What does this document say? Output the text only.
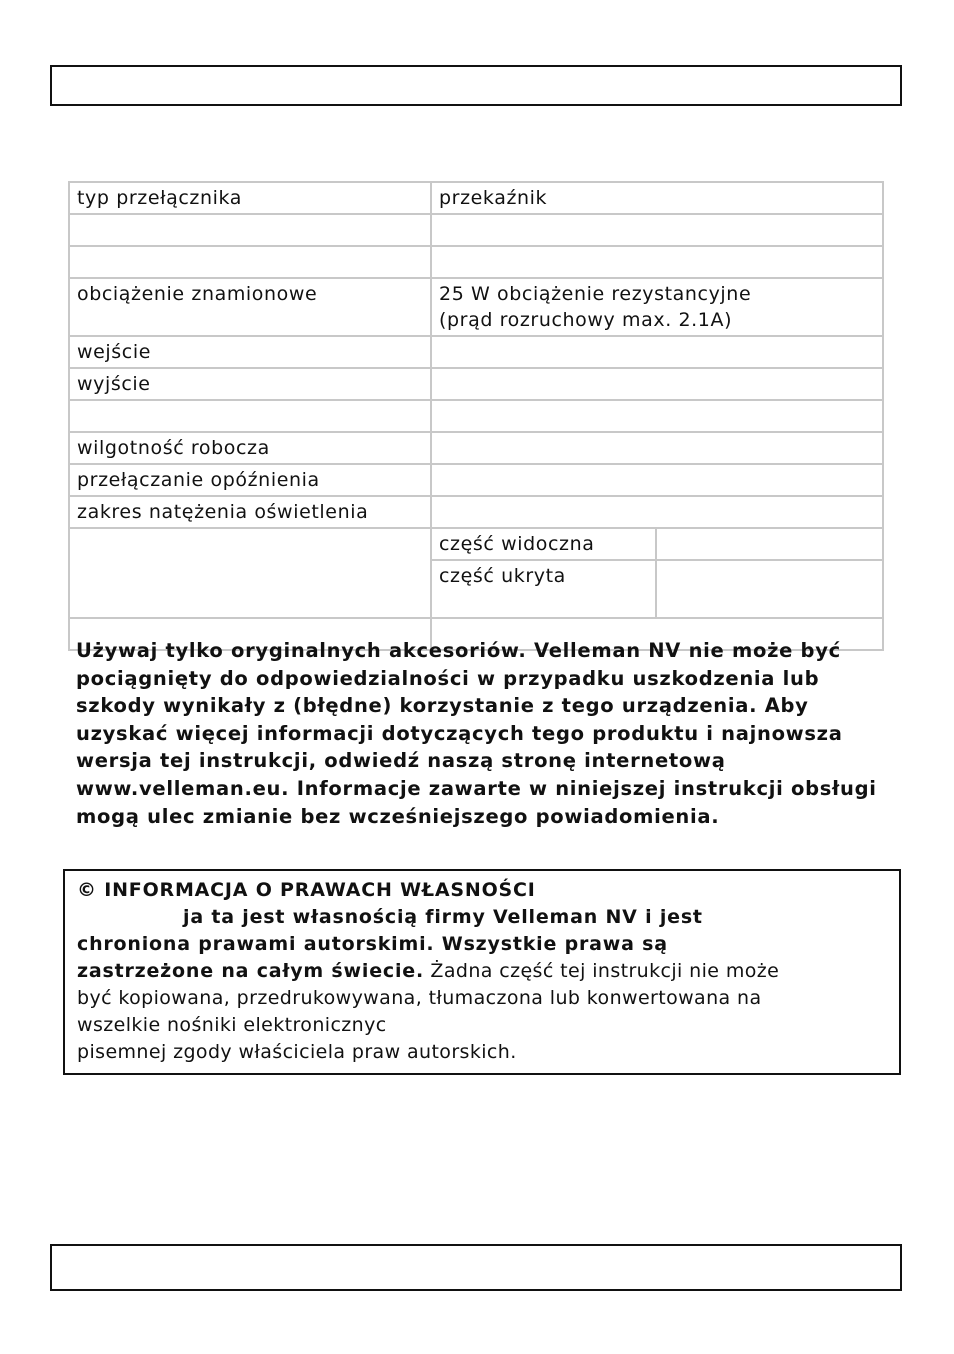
typ przełącznika	przekaźnik	

obciążenie znamionowe	25 W obciążenie rezystancyjne
(prąd rozruchowy max. 2.1A)	

wejście		
wyjście		

wilgotność robocza		
przełączanie opóźnienia		
zakres natężenia oświetlenia		
	część widoczna	
	część ukryta	

Używaj tylko oryginalnych akcesoriów. Velleman NV nie może być pociągnięty do odpowiedzialności w przypadku uszkodzenia lub szkody wynikały z (błędne) korzystanie z tego urządzenia. Aby uzyskać więcej informacji dotyczących tego produktu i najnowsza wersja tej instrukcji, odwiedź naszą stronę internetową www.velleman.eu. Informacje zawarte w niniejszej instrukcji obsługi mogą ulec zmianie bez wcześniejszego powiadomienia.

© INFORMACJA O PRAWACH WŁASNOŚCI

ja ta jest własnością firmy Velleman NV i jest

chroniona prawami autorskimi. Wszystkie prawa są

zastrzeżone na całym świecie. Żadna część tej instrukcji nie może

być kopiowana, przedrukowywana, tłumaczona lub konwertowana na

wszelkie nośniki elektronicznyc

pisemnej zgody właściciela praw autorskich.
